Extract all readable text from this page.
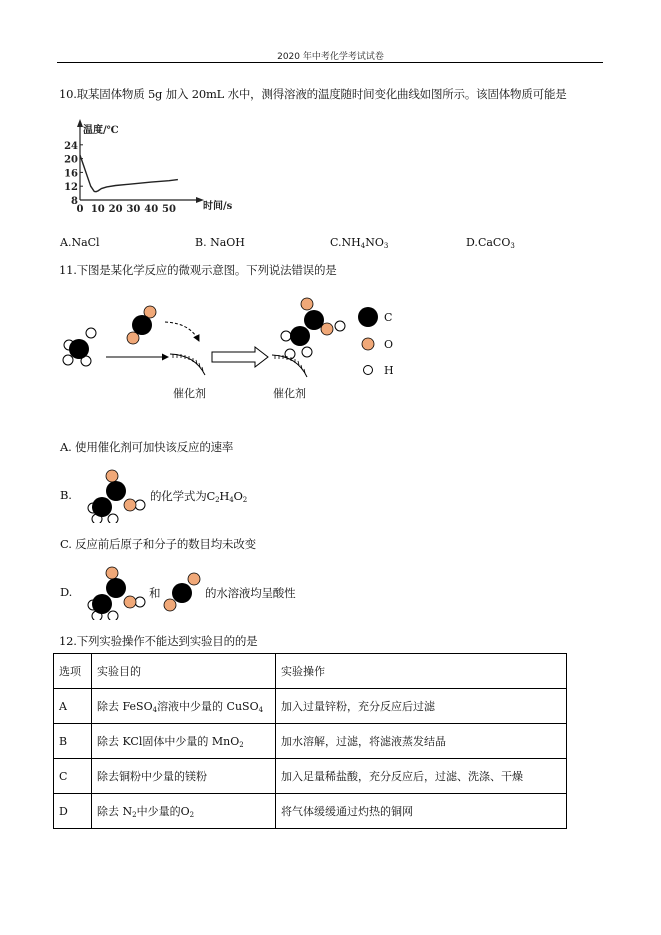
2020 年中考化学考试试卷
10.取某固体物质 5g 加入 20mL 水中，测得溶液的温度随时间变化曲线如图所示。该固体物质可能是
温度/℃
时间/s
8
12
16
20
24
0 10 20 30 40 50
A.NaCl	B. NaOH	$C.NH_4NO_3$	D.CaCO$_3$
11.下图是某化学反应的微观示意图。下列说法错误的是
C
O
H
催化剂	催化剂
A. 使用催化剂可加快该反应的速率
B.	的化学式为$C_2H_4O_2$
C. 反应前后原子和分子的数目均未改变
D.	和	的水溶液均呈酸性
12.下列实验操作不能达到实验目的的是
选项	实验目的	实验操作
A	除去 FeSO$_4$溶液中少量的 CuSO$_4$	加入过量锌粉，充分反应后过滤
B	除去 KCl固体中少量的 MnO$_2$	加水溶解，过滤，将滤液蒸发结晶
C	除去铜粉中少量的镁粉	加入足量稀盐酸，充分反应后，过滤、洗涤、干燥
D	除去 $N_2$中少量的$O_2$	将气体缓缓通过灼热的铜网
